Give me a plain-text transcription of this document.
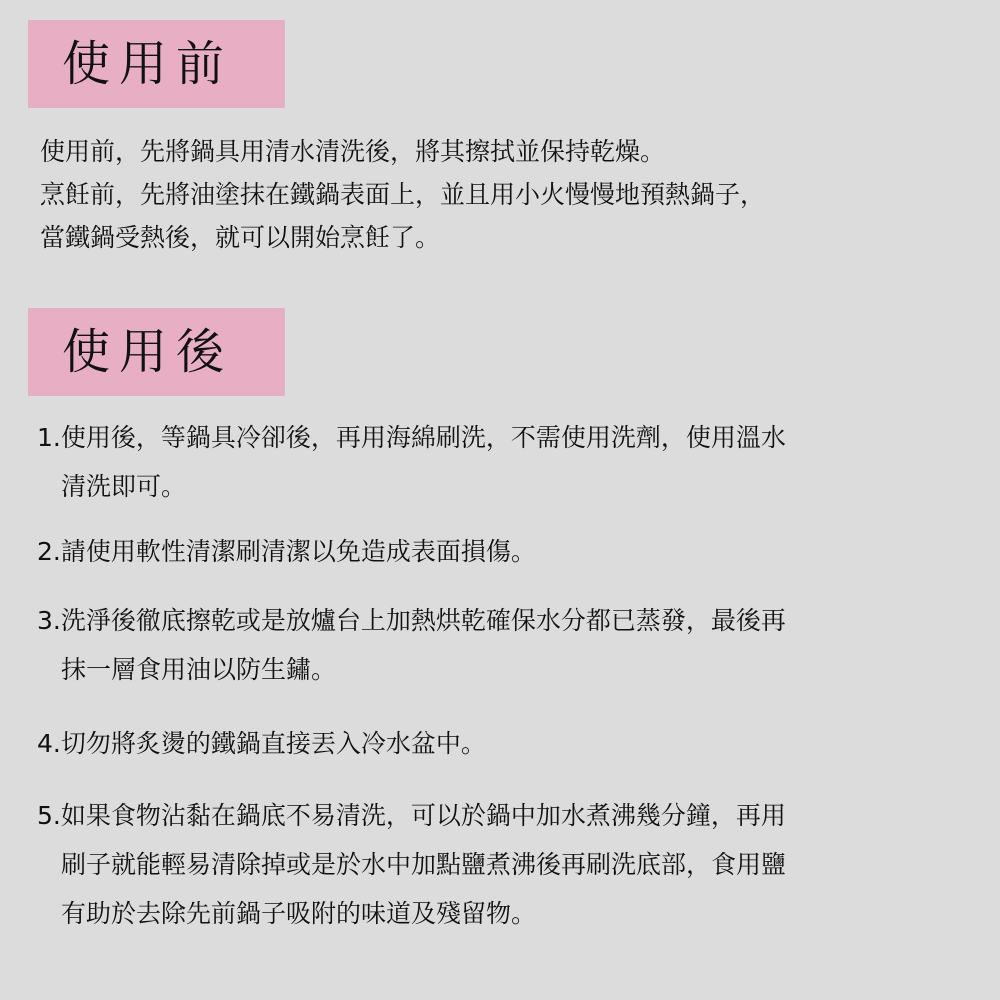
使用前
使用前，先將鍋具用清水清洗後，將其擦拭並保持乾燥。
烹飪前，先將油塗抹在鐵鍋表面上，並且用小火慢慢地預熱鍋子，
當鐵鍋受熱後，就可以開始烹飪了。
使用後
1.使用後，等鍋具冷卻後，再用海綿刷洗，不需使用洗劑，使用溫水
清洗即可。
2.請使用軟性清潔刷清潔以免造成表面損傷。
3.洗淨後徹底擦乾或是放爐台上加熱烘乾確保水分都已蒸發，最後再
抹一層食用油以防生鏽。
4.切勿將炙燙的鐵鍋直接丟入冷水盆中。
5.如果食物沾黏在鍋底不易清洗，可以於鍋中加水煮沸幾分鐘，再用
刷子就能輕易清除掉或是於水中加點鹽煮沸後再刷洗底部，食用鹽
有助於去除先前鍋子吸附的味道及殘留物。
